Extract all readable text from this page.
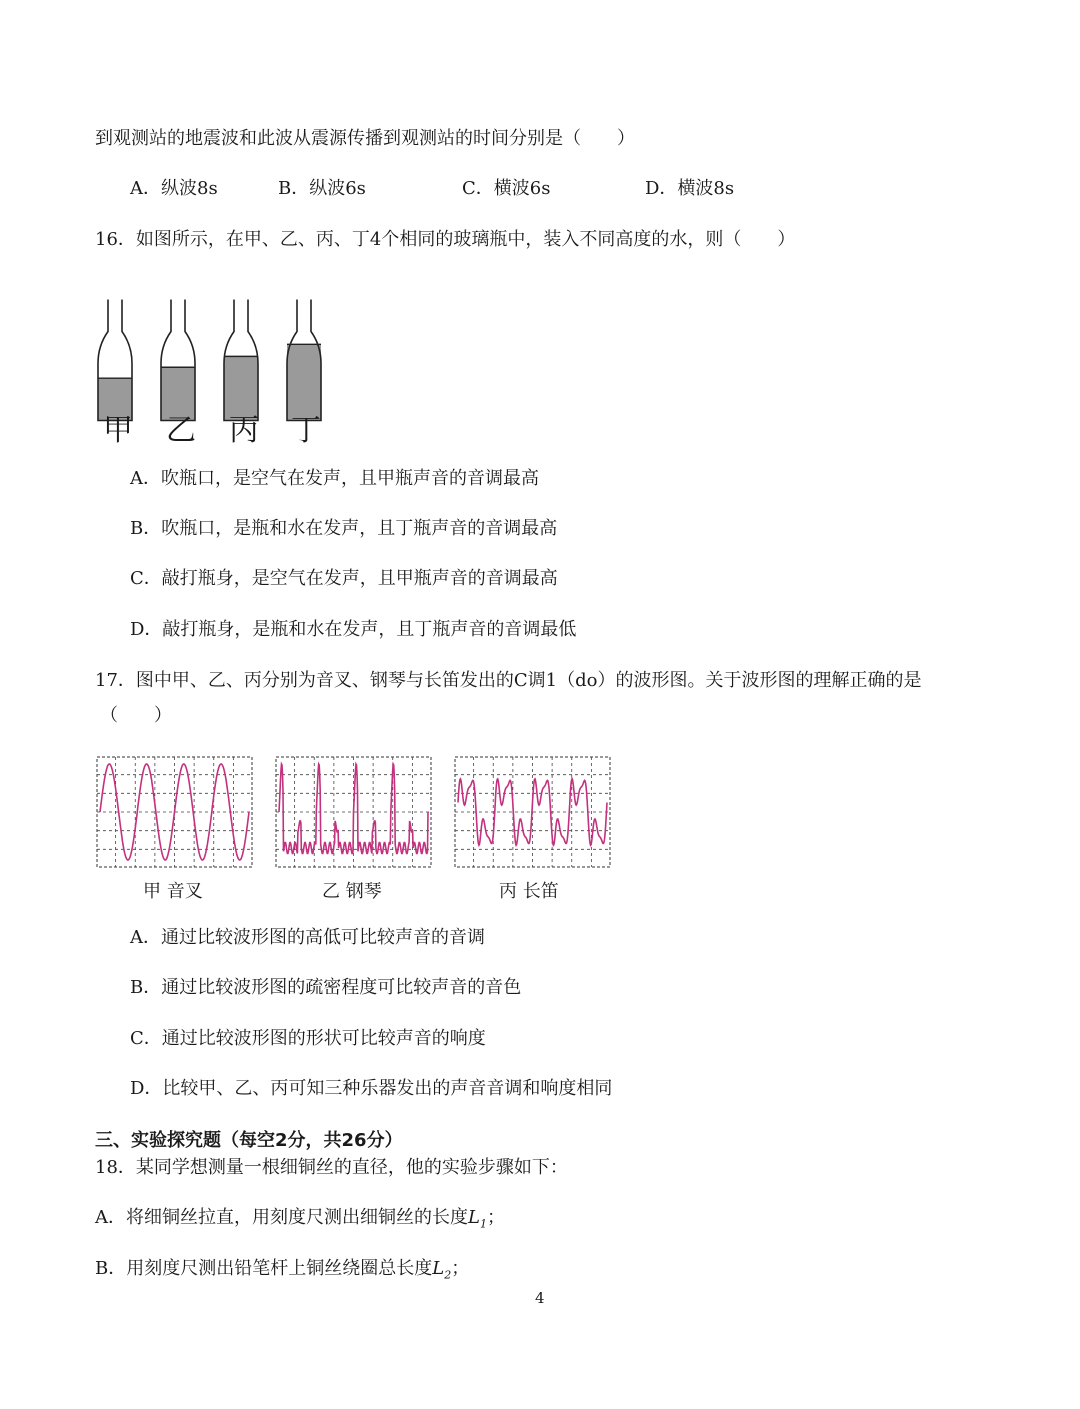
到观测站的地震波和此波从震源传播到观测站的时间分别是（　　）
A．纵波8s	B．纵波6s	C．横波6s	D．横波8s
16．如图所示，在甲、乙、丙、丁4个相同的玻璃瓶中，装入不同高度的水，则（　　）
甲 乙 丙 丁
A．吹瓶口，是空气在发声，且甲瓶声音的音调最高
B．吹瓶口，是瓶和水在发声，且丁瓶声音的音调最高
C．敲打瓶身，是空气在发声，且甲瓶声音的音调最高
D．敲打瓶身，是瓶和水在发声，且丁瓶声音的音调最低
17．图中甲、乙、丙分别为音叉、钢琴与长笛发出的C调1（do）的波形图。关于波形图的理解正确的是
（　　）
甲 音叉	乙 钢琴	丙 长笛
A．通过比较波形图的高低可比较声音的音调
B．通过比较波形图的疏密程度可比较声音的音色
C．通过比较波形图的形状可比较声音的响度
D．比较甲、乙、丙可知三种乐器发出的声音音调和响度相同
三、实验探究题（每空2分，共26分）
18．某同学想测量一根细铜丝的直径，他的实验步骤如下：
A．将细铜丝拉直，用刻度尺测出细铜丝的长度$L_1$；
B．用刻度尺测出铅笔杆上铜丝绕圈总长度$L_2$；
4
